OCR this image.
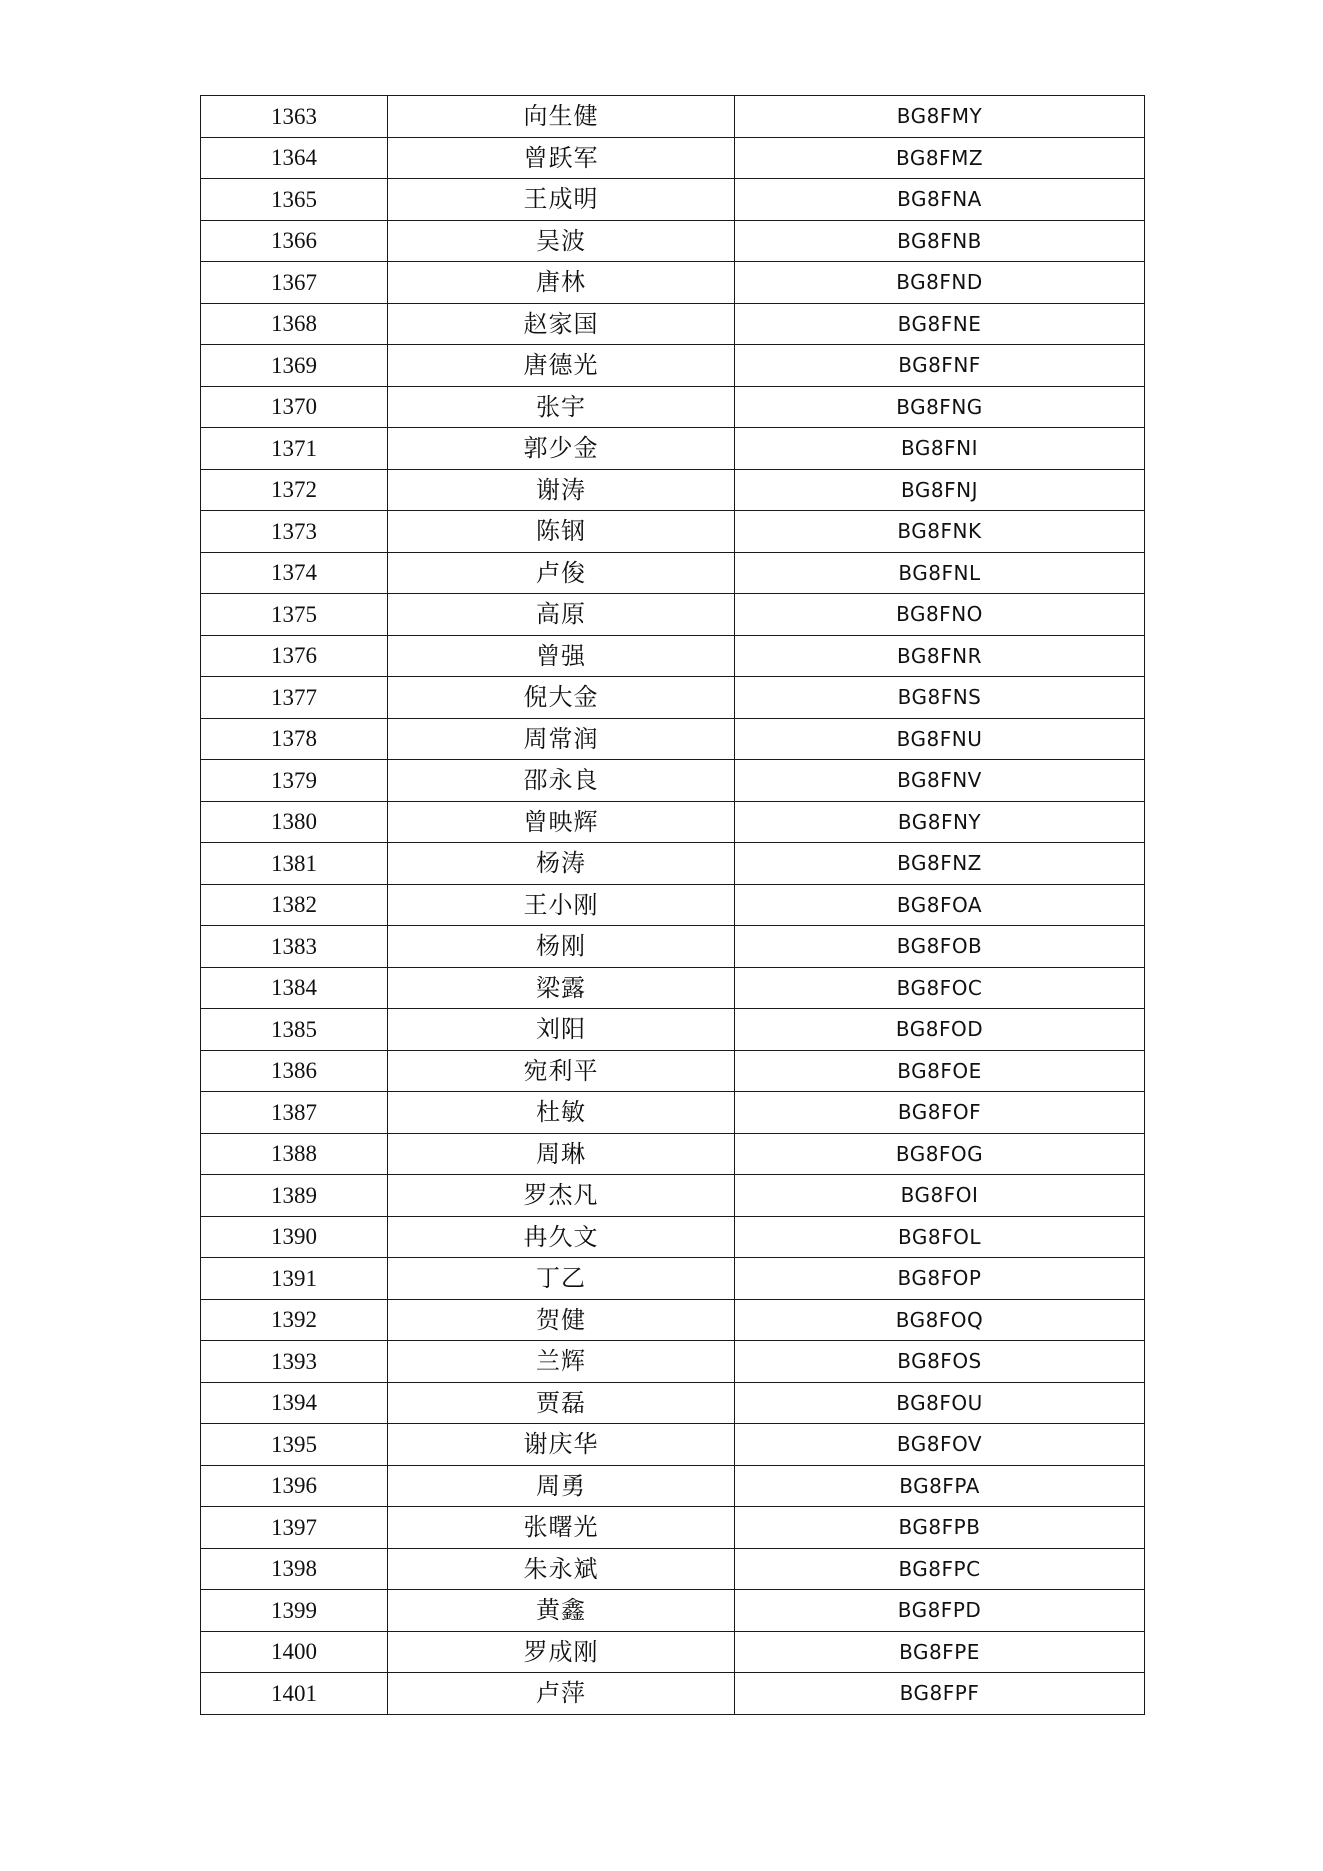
1363	向生健	BG8FMY
1364	曾跃军	BG8FMZ
1365	王成明	BG8FNA
1366	吴波	BG8FNB
1367	唐林	BG8FND
1368	赵家国	BG8FNE
1369	唐德光	BG8FNF
1370	张宇	BG8FNG
1371	郭少金	BG8FNI
1372	谢涛	BG8FNJ
1373	陈钢	BG8FNK
1374	卢俊	BG8FNL
1375	高原	BG8FNO
1376	曾强	BG8FNR
1377	倪大金	BG8FNS
1378	周常润	BG8FNU
1379	邵永良	BG8FNV
1380	曾映辉	BG8FNY
1381	杨涛	BG8FNZ
1382	王小刚	BG8FOA
1383	杨刚	BG8FOB
1384	梁露	BG8FOC
1385	刘阳	BG8FOD
1386	宛利平	BG8FOE
1387	杜敏	BG8FOF
1388	周琳	BG8FOG
1389	罗杰凡	BG8FOI
1390	冉久文	BG8FOL
1391	丁乙	BG8FOP
1392	贺健	BG8FOQ
1393	兰辉	BG8FOS
1394	贾磊	BG8FOU
1395	谢庆华	BG8FOV
1396	周勇	BG8FPA
1397	张曙光	BG8FPB
1398	朱永斌	BG8FPC
1399	黄鑫	BG8FPD
1400	罗成刚	BG8FPE
1401	卢萍	BG8FPF
